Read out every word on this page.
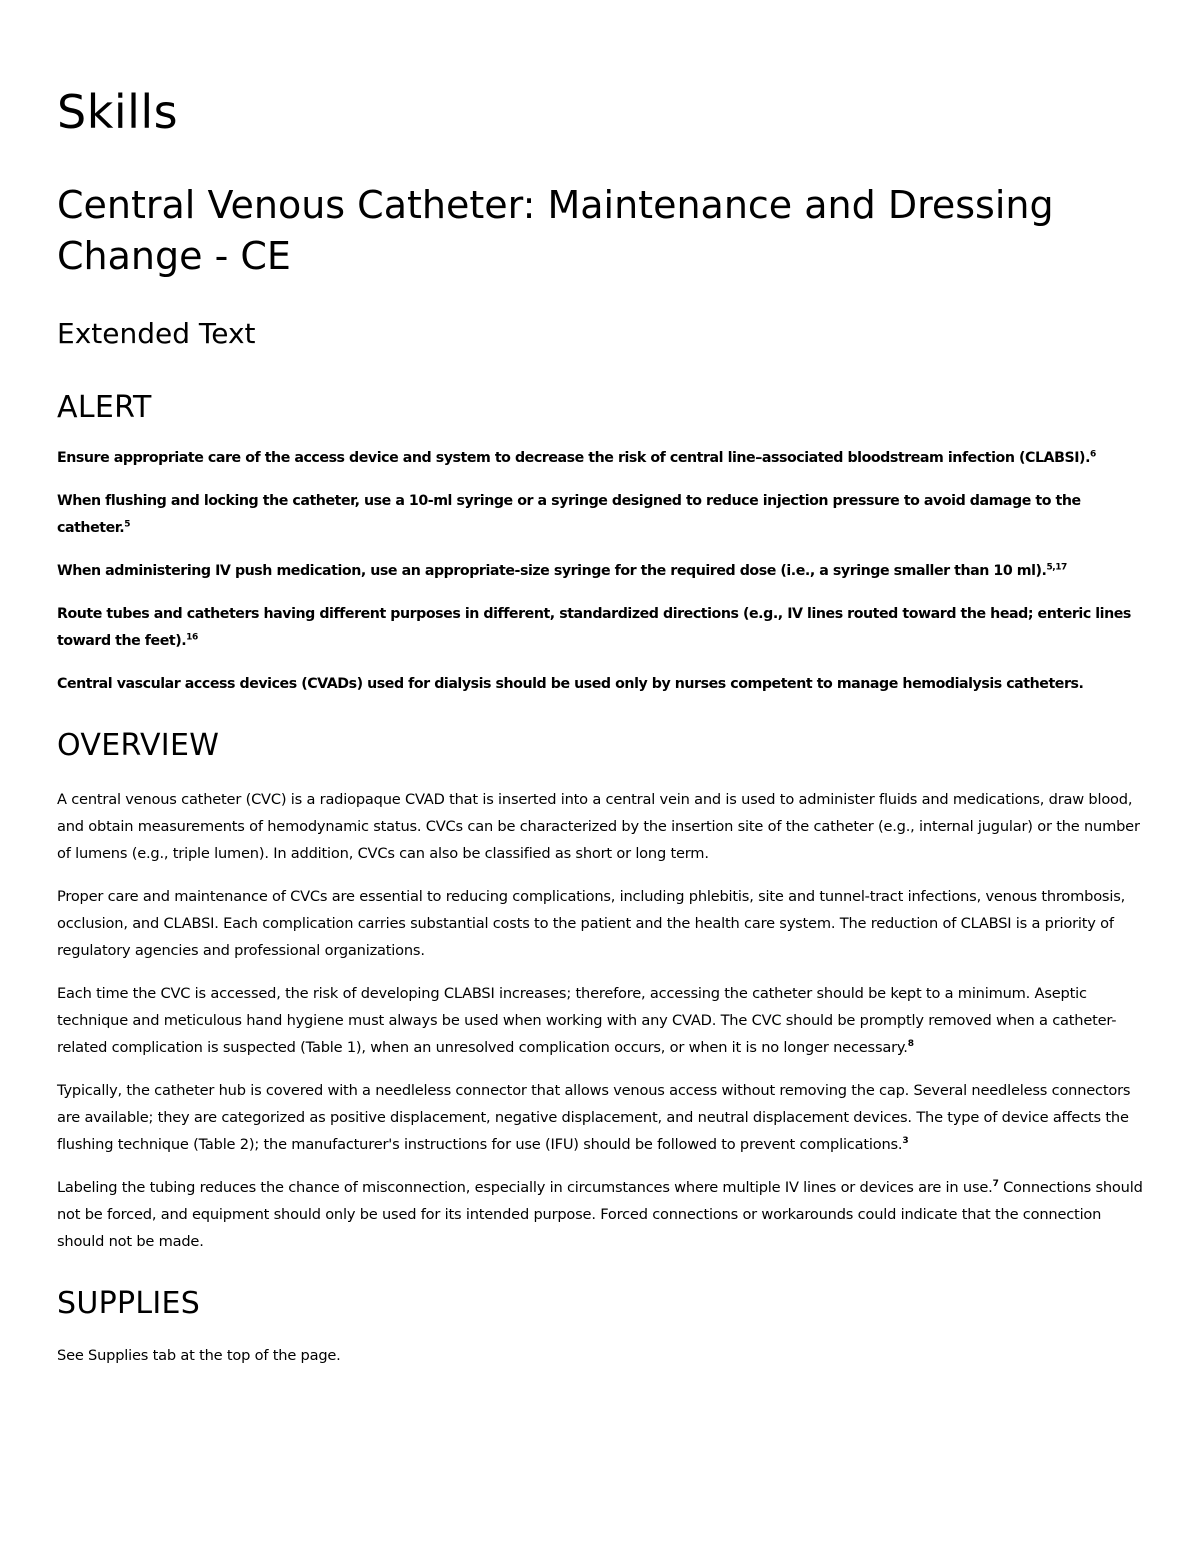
Skills
Central Venous Catheter: Maintenance and Dressing Change - CE
Extended Text
ALERT

Ensure appropriate care of the access device and system to decrease the risk of central line–associated bloodstream infection (CLABSI).$^6$

When flushing and locking the catheter, use a 10-ml syringe or a syringe designed to reduce injection pressure to avoid damage to the catheter.$^5$

When administering IV push medication, use an appropriate-size syringe for the required dose (i.e., a syringe smaller than 10 ml).$^{5,17}$

Route tubes and catheters having different purposes in different, standardized directions (e.g., IV lines routed toward the head; enteric lines toward the feet).$^{16}$

Central vascular access devices (CVADs) used for dialysis should be used only by nurses competent to manage hemodialysis catheters.

OVERVIEW

A central venous catheter (CVC) is a radiopaque CVAD that is inserted into a central vein and is used to administer fluids and medications, draw blood, and obtain measurements of hemodynamic status. CVCs can be characterized by the insertion site of the catheter (e.g., internal jugular) or the number of lumens (e.g., triple lumen). In addition, CVCs can also be classified as short or long term.

Proper care and maintenance of CVCs are essential to reducing complications, including phlebitis, site and tunnel-tract infections, venous thrombosis, occlusion, and CLABSI. Each complication carries substantial costs to the patient and the health care system. The reduction of CLABSI is a priority of regulatory agencies and professional organizations.

Each time the CVC is accessed, the risk of developing CLABSI increases; therefore, accessing the catheter should be kept to a minimum. Aseptic technique and meticulous hand hygiene must always be used when working with any CVAD. The CVC should be promptly removed when a catheter-related complication is suspected (Table 1), when an unresolved complication occurs, or when it is no longer necessary.$^8$

Typically, the catheter hub is covered with a needleless connector that allows venous access without removing the cap. Several needleless connectors are available; they are categorized as positive displacement, negative displacement, and neutral displacement devices. The type of device affects the flushing technique (Table 2); the manufacturer's instructions for use (IFU) should be followed to prevent complications.$^3$

Labeling the tubing reduces the chance of misconnection, especially in circumstances where multiple IV lines or devices are in use.$^7$ Connections should not be forced, and equipment should only be used for its intended purpose. Forced connections or workarounds could indicate that the connection should not be made.

SUPPLIES

See Supplies tab at the top of the page.
